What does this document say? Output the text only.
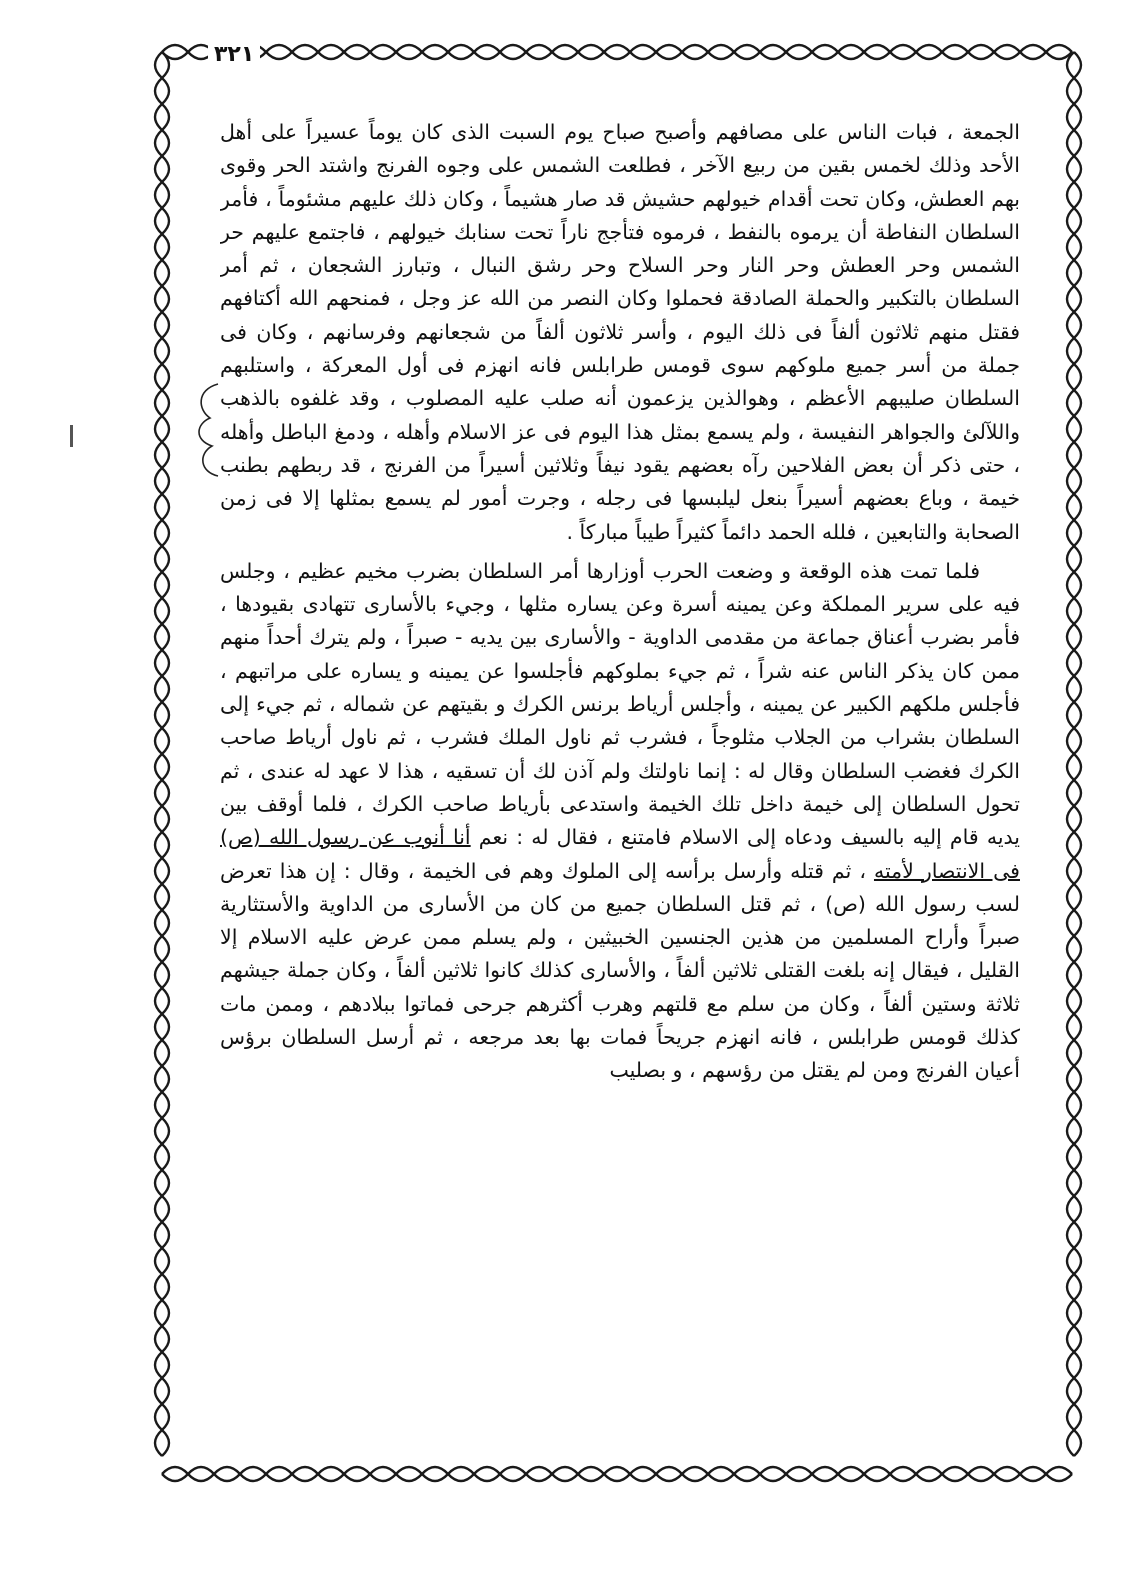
٣٢١

الجمعة ، فبات الناس على مصافهم وأصبح صباح يوم السبت الذى كان يوماً عسيراً على أهل الأحد وذلك لخمس بقين من ربيع الآخر ، فطلعت الشمس على وجوه الفرنج واشتد الحر وقوى بهم العطش، وكان تحت أقدام خيولهم حشيش قد صار هشيماً ، وكان ذلك عليهم مشئوماً ، فأمر السلطان النفاطة أن يرموه بالنفط ، فرموه فتأجج ناراً تحت سنابك خيولهم ، فاجتمع عليهم حر الشمس وحر العطش وحر النار وحر السلاح وحر رشق النبال ، وتبارز الشجعان ، ثم أمر السلطان بالتكبير والحملة الصادقة فحملوا وكان النصر من الله عز وجل ، فمنحهم الله أكتافهم فقتل منهم ثلاثون ألفاً فى ذلك اليوم ، وأسر ثلاثون ألفاً من شجعانهم وفرسانهم ، وكان فى جملة من أسر جميع ملوكهم سوى قومس طرابلس فانه انهزم فى أول المعركة ، واستلبهم السلطان صليبهم الأعظم ، وهوالذين يزعمون أنه صلب عليه المصلوب ، وقد غلفوه بالذهب واللآلئ والجواهر النفيسة ، ولم يسمع بمثل هذا اليوم فى عز الاسلام وأهله ، ودمغ الباطل وأهله ، حتى ذكر أن بعض الفلاحين رآه بعضهم يقود نيفاً وثلاثين أسيراً من الفرنج ، قد ربطهم بطنب خيمة ، وباع بعضهم أسيراً بنعل ليلبسها فى رجله ، وجرت أمور لم يسمع بمثلها إلا فى زمن الصحابة والتابعين ، فلله الحمد دائماً كثيراً طيباً مباركاً .

فلما تمت هذه الوقعة و وضعت الحرب أوزارها أمر السلطان بضرب مخيم عظيم ، وجلس فيه على سرير المملكة وعن يمينه أسرة وعن يساره مثلها ، وجيء بالأسارى تتهادى بقيودها ، فأمر بضرب أعناق جماعة من مقدمى الداوية - والأسارى بين يديه - صبراً ، ولم يترك أحداً منهم ممن كان يذكر الناس عنه شراً ، ثم جيء بملوكهم فأجلسوا عن يمينه و يساره على مراتبهم ، فأجلس ملكهم الكبير عن يمينه ، وأجلس أرياط برنس الكرك و بقيتهم عن شماله ، ثم جيء إلى السلطان بشراب من الجلاب مثلوجاً ، فشرب ثم ناول الملك فشرب ، ثم ناول أرياط صاحب الكرك فغضب السلطان وقال له : إنما ناولتك ولم آذن لك أن تسقيه ، هذا لا عهد له عندى ، ثم تحول السلطان إلى خيمة داخل تلك الخيمة واستدعى بأرياط صاحب الكرك ، فلما أوقف بين يديه قام إليه بالسيف ودعاه إلى الاسلام فامتنع ، فقال له : نعم أنا أنوب عن رسول الله (ص) فى الانتصار لأمته ، ثم قتله وأرسل برأسه إلى الملوك وهم فى الخيمة ، وقال : إن هذا تعرض لسب رسول الله (ص) ، ثم قتل السلطان جميع من كان من الأسارى من الداوية والأستثارية صبراً وأراح المسلمين من هذين الجنسين الخبيثين ، ولم يسلم ممن عرض عليه الاسلام إلا القليل ، فيقال إنه بلغت القتلى ثلاثين ألفاً ، والأسارى كذلك كانوا ثلاثين ألفاً ، وكان جملة جيشهم ثلاثة وستين ألفاً ، وكان من سلم مع قلتهم وهرب أكثرهم جرحى فماتوا ببلادهم ، وممن مات كذلك قومس طرابلس ، فانه انهزم جريحاً فمات بها بعد مرجعه ، ثم أرسل السلطان برؤس أعيان الفرنج ومن لم يقتل من رؤسهم ، و بصليب
